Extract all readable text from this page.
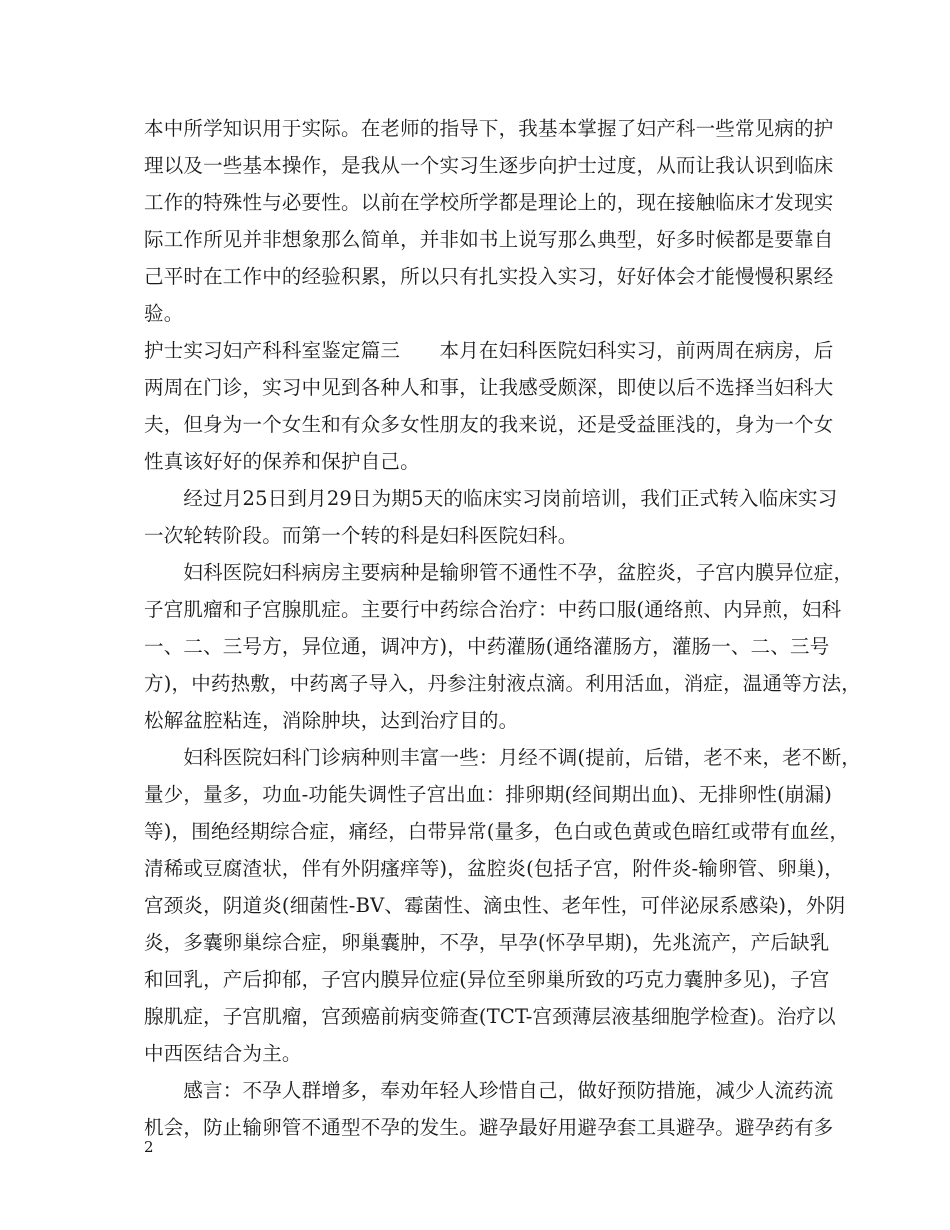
本中所学知识用于实际。在老师的指导下，我基本掌握了妇产科一些常见病的护
理以及一些基本操作，是我从一个实习生逐步向护士过度，从而让我认识到临床
工作的特殊性与必要性。以前在学校所学都是理论上的，现在接触临床才发现实
际工作所见并非想象那么简单，并非如书上说写那么典型，好多时候都是要靠自
己平时在工作中的经验积累，所以只有扎实投入实习，好好体会才能慢慢积累经
验。
护士实习妇产科科室鉴定篇三　　本月在妇科医院妇科实习，前两周在病房，后
两周在门诊，实习中见到各种人和事，让我感受颇深，即使以后不选择当妇科大
夫，但身为一个女生和有众多女性朋友的我来说，还是受益匪浅的，身为一个女
性真该好好的保养和保护自己。
　　经过月25日到月29日为期5天的临床实习岗前培训，我们正式转入临床实习
一次轮转阶段。而第一个转的科是妇科医院妇科。
　　妇科医院妇科病房主要病种是输卵管不通性不孕，盆腔炎，子宫内膜异位症，
子宫肌瘤和子宫腺肌症。主要行中药综合治疗：中药口服(通络煎、内异煎，妇科
一、二、三号方，异位通，调冲方)，中药灌肠(通络灌肠方，灌肠一、二、三号
方)，中药热敷，中药离子导入，丹参注射液点滴。利用活血，消症，温通等方法，
松解盆腔粘连，消除肿块，达到治疗目的。
　　妇科医院妇科门诊病种则丰富一些：月经不调(提前，后错，老不来，老不断，
量少，量多，功血-功能失调性子宫出血：排卵期(经间期出血)、无排卵性(崩漏)
等)，围绝经期综合症，痛经，白带异常(量多，色白或色黄或色暗红或带有血丝，
清稀或豆腐渣状，伴有外阴瘙痒等)，盆腔炎(包括子宫，附件炎-输卵管、卵巢)，
宫颈炎，阴道炎(细菌性-BV、霉菌性、滴虫性、老年性，可伴泌尿系感染)，外阴
炎，多囊卵巢综合症，卵巢囊肿，不孕，早孕(怀孕早期)，先兆流产，产后缺乳
和回乳，产后抑郁，子宫内膜异位症(异位至卵巢所致的巧克力囊肿多见)，子宫
腺肌症，子宫肌瘤，宫颈癌前病变筛查(TCT-宫颈薄层液基细胞学检查)。治疗以
中西医结合为主。
　　感言：不孕人群增多，奉劝年轻人珍惜自己，做好预防措施，减少人流药流
机会，防止输卵管不通型不孕的发生。避孕最好用避孕套工具避孕。避孕药有多
2
